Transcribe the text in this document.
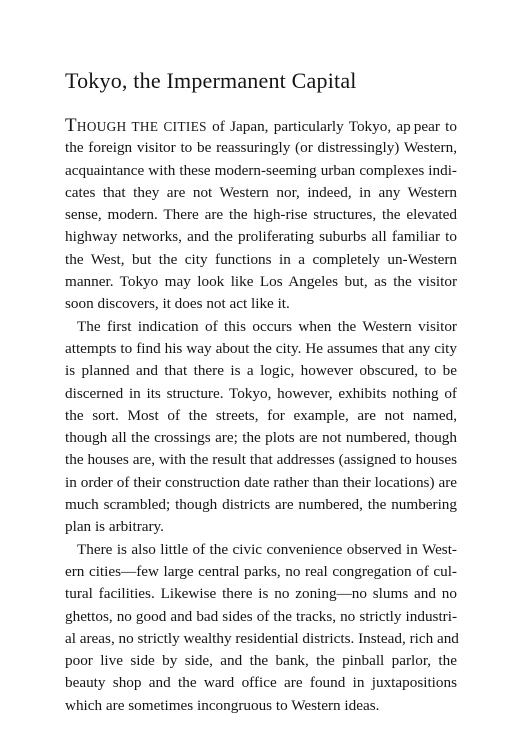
Tokyo, the Impermanent Capital
THOUGH THE CITIES of Japan, particularly Tokyo, ap pear to
the foreign visitor to be reassuringly (or distressingly) Western,
acquaintance with these modern-seeming urban complexes indi-
cates that they are not Western nor, indeed, in any Western
sense, modern. There are the high-rise structures, the elevated
highway networks, and the proliferating suburbs all familiar to
the West, but the city functions in a completely un-Western
manner. Tokyo may look like Los Angeles but, as the visitor
soon discovers, it does not act like it.
The first indication of this occurs when the Western visitor
attempts to find his way about the city. He assumes that any city
is planned and that there is a logic, however obscured, to be
discerned in its structure. Tokyo, however, exhibits nothing of
the sort. Most of the streets, for example, are not named,
though all the crossings are; the plots are not numbered, though
the houses are, with the result that addresses (assigned to houses
in order of their construction date rather than their locations) are
much scrambled; though districts are numbered, the numbering
plan is arbitrary.
There is also little of the civic convenience observed in West-
ern cities—few large central parks, no real congregation of cul-
tural facilities. Likewise there is no zoning—no slums and no
ghettos, no good and bad sides of the tracks, no strictly industri-
al areas, no strictly wealthy residential districts. Instead, rich and
poor live side by side, and the bank, the pinball parlor, the
beauty shop and the ward office are found in juxtapositions
which are sometimes incongruous to Western ideas.
